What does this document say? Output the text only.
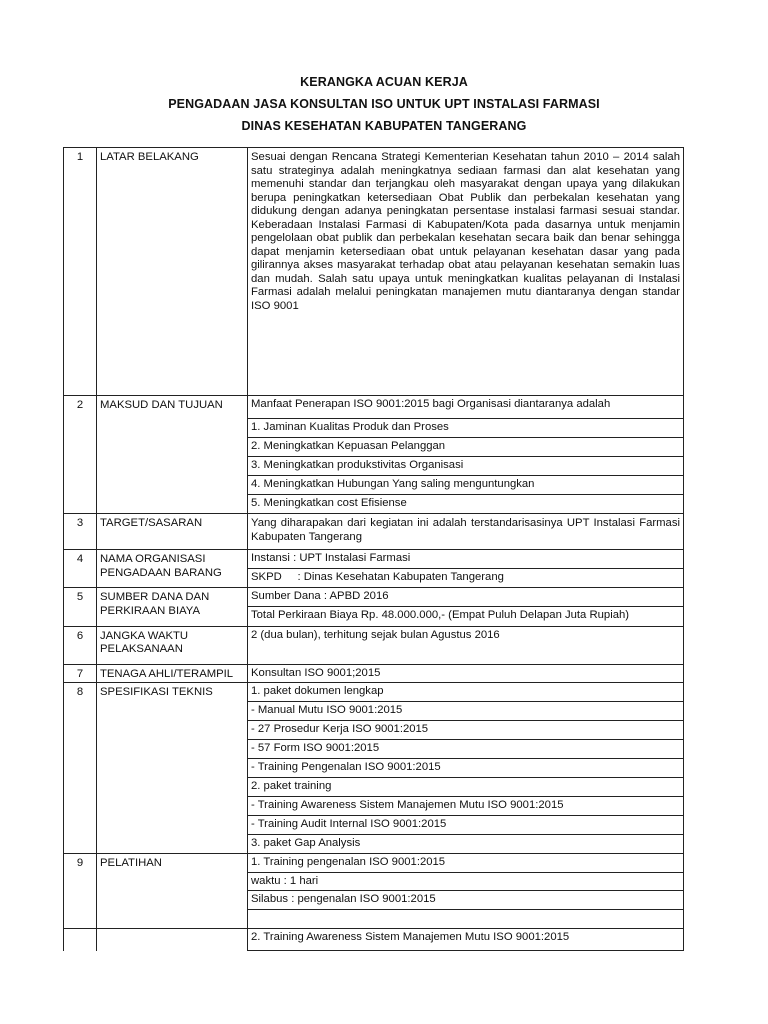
KERANGKA ACUAN KERJA
PENGADAAN JASA KONSULTAN ISO UNTUK UPT INSTALASI FARMASI
DINAS KESEHATAN KABUPATEN TANGERANG
1	LATAR BELAKANG	Sesuai dengan Rencana Strategi Kementerian Kesehatan tahun 2010 – 2014 salah satu strateginya adalah meningkatnya sediaan farmasi dan alat kesehatan yang memenuhi standar dan terjangkau oleh masyarakat dengan upaya yang dilakukan berupa peningkatkan ketersediaan Obat Publik dan perbekalan kesehatan yang didukung dengan adanya peningkatan persentase instalasi farmasi sesuai standar. Keberadaan Instalasi Farmasi di Kabupaten/Kota pada dasarnya untuk menjamin pengelolaan obat publik dan perbekalan kesehatan secara baik dan benar sehingga dapat menjamin ketersediaan obat untuk pelayanan kesehatan dasar yang pada gilirannya akses masyarakat terhadap obat atau pelayanan kesehatan semakin luas dan mudah. Salah satu upaya untuk meningkatkan kualitas pelayanan di Instalasi Farmasi adalah melalui peningkatan manajemen mutu diantaranya dengan standar ISO 9001
2	MAKSUD DAN TUJUAN	Manfaat Penerapan ISO 9001:2015 bagi Organisasi diantaranya adalah
		1. Jaminan Kualitas Produk dan Proses
		2. Meningkatkan Kepuasan Pelanggan
		3. Meningkatkan produkstivitas Organisasi
		4. Meningkatkan Hubungan Yang saling menguntungkan
		5. Meningkatkan cost Efisiense
3	TARGET/SASARAN	Yang diharapakan dari kegiatan ini adalah terstandarisasinya UPT Instalasi Farmasi Kabupaten Tangerang
4	NAMA ORGANISASI PENGADAAN BARANG	Instansi : UPT Instalasi Farmasi
		SKPD     : Dinas Kesehatan Kabupaten Tangerang
5	SUMBER DANA DAN PERKIRAAN BIAYA	Sumber Dana : APBD 2016
		Total Perkiraan Biaya Rp. 48.000.000,- (Empat Puluh Delapan Juta Rupiah)
6	JANGKA WAKTU PELAKSANAAN	2 (dua bulan), terhitung sejak bulan Agustus 2016
7	TENAGA AHLI/TERAMPIL	Konsultan ISO 9001;2015
8	SPESIFIKASI TEKNIS	1. paket dokumen lengkap
		- Manual Mutu ISO 9001:2015
		- 27 Prosedur Kerja ISO 9001:2015
		- 57 Form ISO 9001:2015
		- Training Pengenalan ISO 9001:2015
		2. paket training
		- Training Awareness Sistem Manajemen Mutu ISO 9001:2015
		- Training Audit Internal ISO 9001:2015
		3. paket Gap Analysis
9	PELATIHAN	1. Training pengenalan ISO 9001:2015
		waktu : 1 hari
		Silabus : pengenalan ISO 9001:2015

		2. Training Awareness Sistem Manajemen Mutu ISO 9001:2015
